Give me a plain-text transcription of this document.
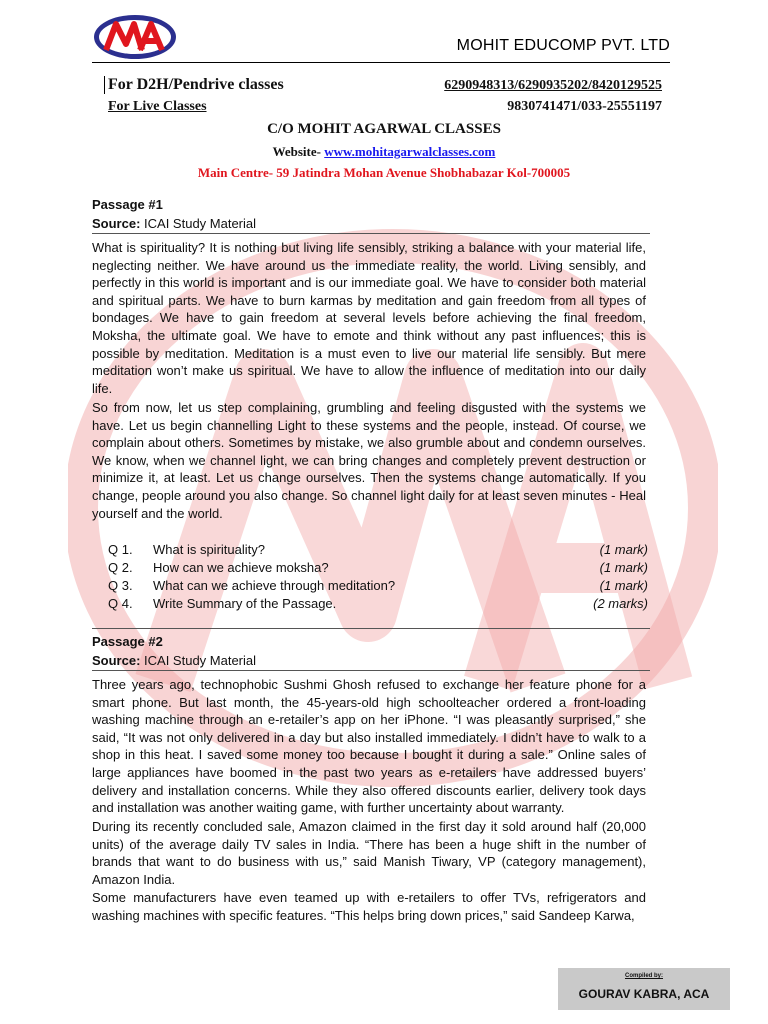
MOHIT EDUCOMP PVT. LTD
For D2H/Pendrive classes	6290948313/6290935202/8420129525
For Live Classes	9830741471/033-25551197
C/O MOHIT AGARWAL CLASSES
Website- www.mohitagarwalclasses.com
Main Centre- 59 Jatindra Mohan Avenue Shobhabazar Kol-700005
Passage #1
Source: ICAI Study Material

What is spirituality? It is nothing but living life sensibly, striking a balance with your material life, neglecting neither. We have around us the immediate reality, the world. Living sensibly, and perfectly in this world is important and is our immediate goal. We have to consider both material and spiritual parts. We have to burn karmas by meditation and gain freedom from all types of bondages. We have to gain freedom at several levels before achieving the final freedom, Moksha, the ultimate goal. We have to emote and think without any past influences; this is possible by meditation. Meditation is a must even to live our material life sensibly. But mere meditation won’t make us spiritual. We have to allow the influence of meditation into our daily life.

So from now, let us step complaining, grumbling and feeling disgusted with the systems we have. Let us begin channelling Light to these systems and the people, instead. Of course, we complain about others. Sometimes by mistake, we also grumble about and condemn ourselves. We know, when we channel light, we can bring changes and completely prevent destruction or minimize it, at least. Let us change ourselves. Then the systems change automatically. If you change, people around you also change. So channel light daily for at least seven minutes - Heal yourself and the world.

Q 1. What is spirituality?	(1 mark)
Q 2. How can we achieve moksha?	(1 mark)
Q 3. What can we achieve through meditation?	(1 mark)
Q 4. Write Summary of the Passage.	(2 marks)
Passage #2
Source: ICAI Study Material

Three years ago, technophobic Sushmi Ghosh refused to exchange her feature phone for a smart phone. But last month, the 45-years-old high schoolteacher ordered a front-loading washing machine through an e-retailer’s app on her iPhone. “I was pleasantly surprised,” she said, “It was not only delivered in a day but also installed immediately. I didn’t have to walk to a shop in this heat. I saved some money too because I bought it during a sale.” Online sales of large appliances have boomed in the past two years as e-retailers have addressed buyers’ delivery and installation concerns. While they also offered discounts earlier, delivery took days and installation was another waiting game, with further uncertainty about warranty.

During its recently concluded sale, Amazon claimed in the first day it sold around half (20,000 units) of the average daily TV sales in India. “There has been a huge shift in the number of brands that want to do business with us,” said Manish Tiwary, VP (category management), Amazon India.

Some manufacturers have even teamed up with e-retailers to offer TVs, refrigerators and washing machines with specific features. “This helps bring down prices,” said Sandeep Karwa,

Compiled by:
GOURAV KABRA, ACA
